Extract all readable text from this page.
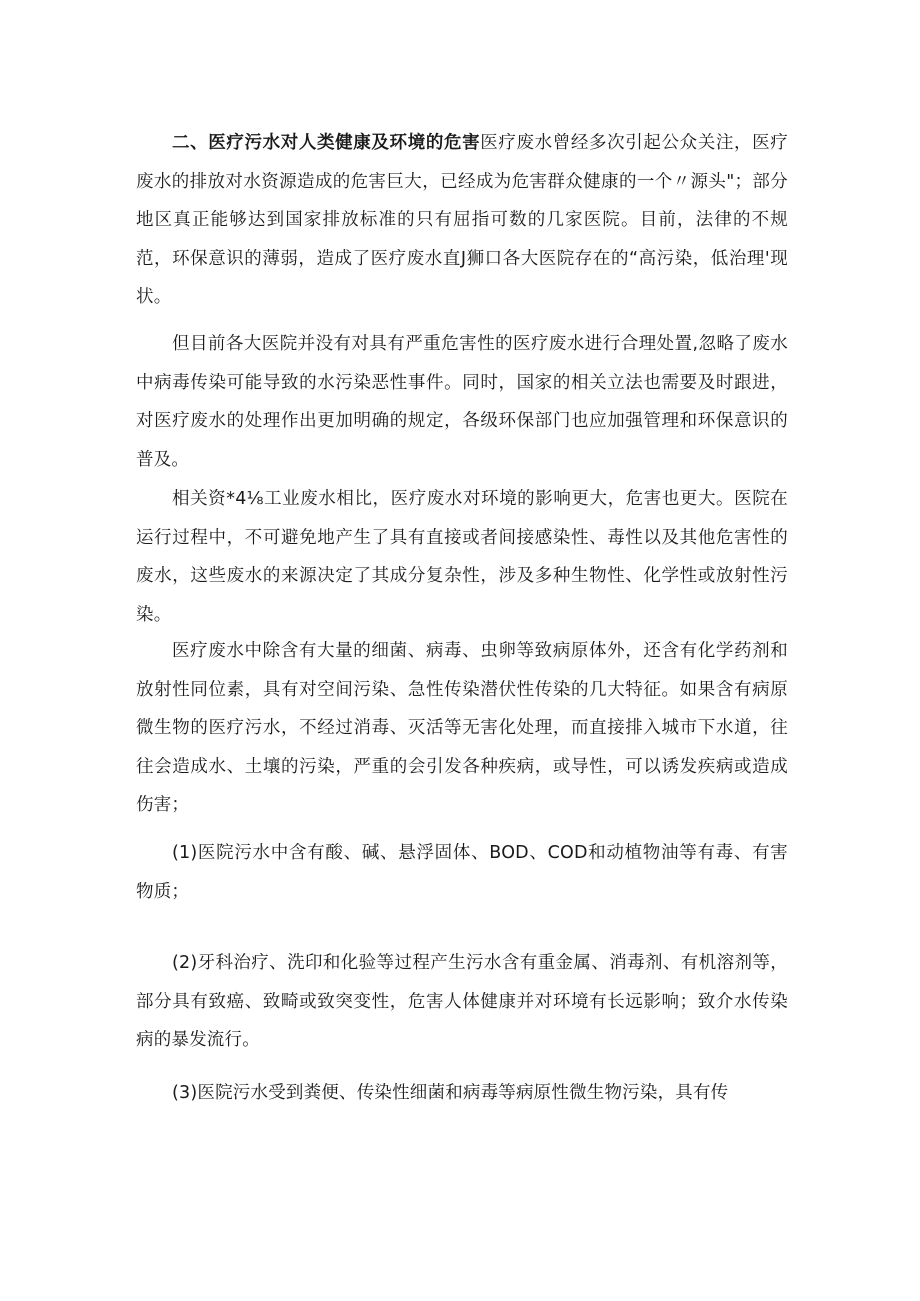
二、医疗污水对人类健康及环境的危害医疗废水曾经多次引起公众关注，医疗废水的排放对水资源造成的危害巨大，已经成为危害群众健康的一个〃源头"；部分地区真正能够达到国家排放标准的只有屈指可数的几家医院。目前，法律的不规范，环保意识的薄弱，造成了医疗废水直J狮口各大医院存在的“高污染，低治理'现状。

但目前各大医院并没有对具有严重危害性的医疗废水进行合理处置,忽略了废水中病毒传染可能导致的水污染恶性事件。同时，国家的相关立法也需要及时跟进，对医疗废水的处理作出更加明确的规定，各级环保部门也应加强管理和环保意识的普及。

相关资*4⅛工业废水相比，医疗废水对环境的影响更大，危害也更大。医院在运行过程中，不可避免地产生了具有直接或者间接感染性、毒性以及其他危害性的废水，这些废水的来源决定了其成分复杂性，涉及多种生物性、化学性或放射性污染。

医疗废水中除含有大量的细菌、病毒、虫卵等致病原体外，还含有化学药剂和放射性同位素，具有对空间污染、急性传染潜伏性传染的几大特征。如果含有病原微生物的医疗污水，不经过消毒、灭活等无害化处理，而直接排入城市下水道，往往会造成水、土壤的污染，严重的会引发各种疾病，或导性，可以诱发疾病或造成伤害；

(1)医院污水中含有酸、碱、悬浮固体、BOD、COD和动植物油等有毒、有害物质；

(2)牙科治疗、洗印和化验等过程产生污水含有重金属、消毒剂、有机溶剂等，部分具有致癌、致畸或致突变性，危害人体健康并对环境有长远影响；致介水传染病的暴发流行。

(3)医院污水受到粪便、传染性细菌和病毒等病原性微生物污染，具有传
